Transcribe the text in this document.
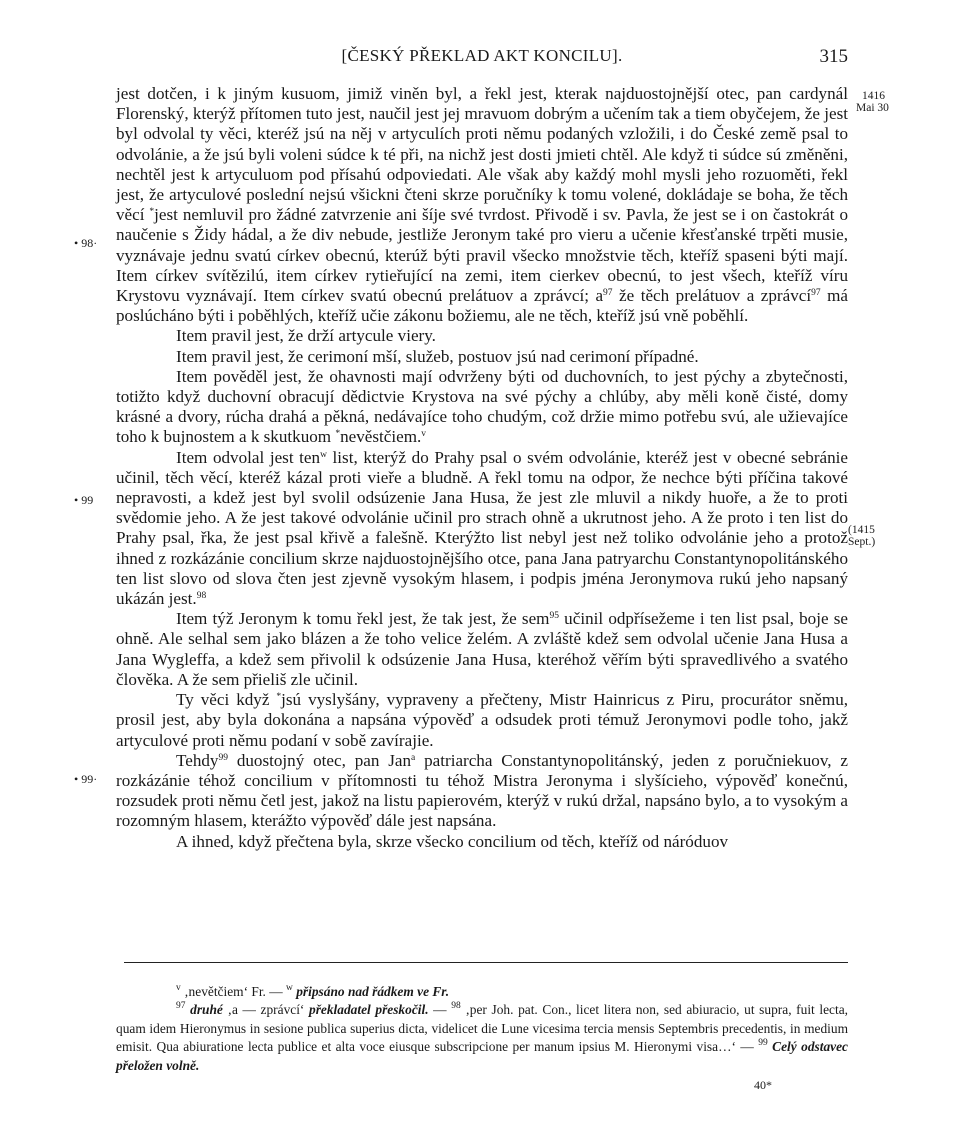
[ČESKÝ PŘEKLAD AKT KONCILU].	315
1416
Mai 30
(1415
Sept.)
• 98·
• 99
• 99·

jest dotčen, i k jiným kusuom, jimiž viněn byl, a řekl jest, kterak najduostojnější otec, pan cardynál Florenský, kterýž přítomen tuto jest, naučil jest jej mravuom dobrým a učením tak a tiem obyčejem, že jest byl odvolal ty věci, kteréž jsú na něj v artyculích proti němu podaných vzložili, i do České země psal to odvolánie, a že jsú byli voleni súdce k té při, na nichž jest dosti jmieti chtěl. Ale když ti súdce sú změněni, nechtěl jest k artyculuom pod přísahú odpoviedati. Ale však aby každý mohl mysli jeho rozuoměti, řekl jest, že artyculové poslední nejsú všickni čteni skrze poručníky k tomu volené, dokládaje se boha, že těch věcí *jest nemluvil pro žádné zatvrzenie ani šíje své tvrdost. Přivodě i sv. Pavla, že jest se i on častokrát o naučenie s Židy hádal, a že div nebude, jestliže Jeronym také pro vieru a učenie křesťanské trpěti musie, vyznávaje jednu svatú církev obecnú, kterúž býti pravil všecko množstvie těch, kteříž spaseni býti mají. Item církev svítězilú, item církev rytieřující na zemi, item cierkev obecnú, to jest všech, kteříž víru Krystovu vyznávají. Item církev svatú obecnú prelátuov a zprávcí; $a^{97}$ že těch prelátuov a zprávcí$^{97}$ má poslúcháno býti i poběhlých, kteříž učie zákonu božiemu, ale ne těch, kteříž jsú vně poběhlí.

Item pravil jest, že drží artycule viery.

Item pravil jest, že cerimoní mší, služeb, postuov jsú nad cerimoní případné.

Item pověděl jest, že ohavnosti mají odvrženy býti od duchovních, to jest pýchy a zbytečnosti, totižto když duchovní obracují dědictvie Krystova na své pýchy a chlúby, aby měli koně čisté, domy krásné a dvory, rúcha drahá a pěkná, nedávajíce toho chudým, což držie mimo potřebu svú, ale užievajíce toho k bujnostem a k skutkuom *nevěstčiem.$^v$

Item odvolal jest ten$^w$ list, kterýž do Prahy psal o svém odvolánie, kteréž jest v obecné sebránie učinil, těch věcí, kteréž kázal proti vieře a bludně. A řekl tomu na odpor, že nechce býti příčina takové nepravosti, a kdež jest byl svolil odsúzenie Jana Husa, že jest zle mluvil a nikdy huoře, a že to proti svědomie jeho. A že jest takové odvolánie učinil pro strach ohně a ukrutnost jeho. A že proto i ten list do Prahy psal, řka, že jest psal křivě a falešně. Kterýžto list nebyl jest než toliko odvolánie jeho a protož ihned z rozkázánie concilium skrze najduostojnějšího otce, pana Jana patryarchu Constantynopolitánského ten list slovo od slova čten jest zjevně vysokým hlasem, i podpis jména Jeronymova rukú jeho napsaný ukázán jest.$^{98}$

Item týž Jeronym k tomu řekl jest, že tak jest, že sem$^{95}$ učinil odpřísežeme i ten list psal, boje se ohně. Ale selhal sem jako blázen a že toho velice želém. A zvláště kdež sem odvolal učenie Jana Husa a Jana Wygleffa, a kdež sem přivolil k odsúzenie Jana Husa, kteréhož věřím býti spravedlivého a svatého člověka. A že sem přieliš zle učinil.

Ty věci když *jsú vyslyšány, vypraveny a přečteny, Mistr Hainricus z Piru, procurátor sněmu, prosil jest, aby byla dokonána a napsána výpověď a odsudek proti témuž Jeronymovi podle toho, jakž artyculové proti němu podaní v sobě zavírajie.

Tehdy$^{99}$ duostojný otec, pan Jan$^a$ patriarcha Constantynopolitánský, jeden z poručniekuov, z rozkázánie téhož concilium v přítomnosti tu téhož Mistra Jeronyma i slyšícieho, výpověď konečnú, rozsudek proti němu četl jest, jakož na listu papierovém, kterýž v rukú držal, napsáno bylo, a to vysokým a rozomným hlasem, kterážto výpověď dále jest napsána.

A ihned, když přečtena byla, skrze všecko concilium od těch, kteříž od náróduov

$^v$ ‚nevětčiem‘ Fr. — $^w$ připsáno nad řádkem ve Fr.

$^{97}$ druhé ‚a — zprávcí‘ překladatel přeskočil. — $^{98}$ ‚per Joh. pat. Con., licet litera non, sed abiuracio, ut supra, fuit lecta, quam idem Hieronymus in sesione publica superius dicta, videlicet die Lune vicesima tercia mensis Septembris precedentis, in medium emisit. Qua abiuratione lecta publice et alta voce eiusque subscripcione per manum ipsius M. Hieronymi visa…‘ — $^{99}$ Celý odstavec přeložen volně.

40*
